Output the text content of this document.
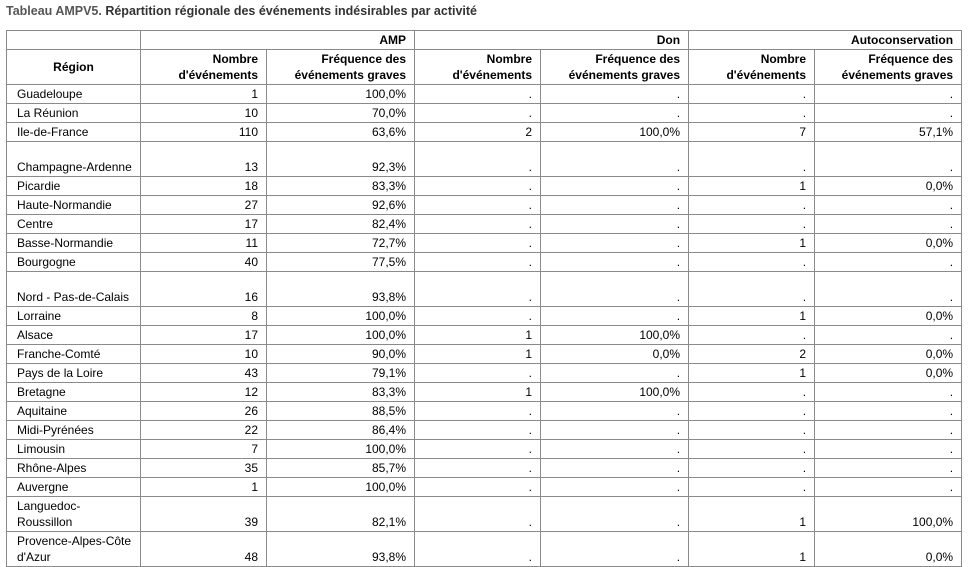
Tableau AMPV5. Répartition régionale des événements indésirables par activité
	AMP		Don		Autoconservation	
Région	Nombre d'événements	Fréquence des événements graves	Nombre d'événements	Fréquence des événements graves	Nombre d'événements	Fréquence des événements graves
Guadeloupe	1	100,0%	.	.	.	.
La Réunion	10	70,0%	.	.	.	.
Ile-de-France	110	63,6%	2	100,0%	7	57,1%
Champagne-Ardenne	13	92,3%	.	.	.	.
Picardie	18	83,3%	.	.	1	0,0%
Haute-Normandie	27	92,6%	.	.	.	.
Centre	17	82,4%	.	.	.	.
Basse-Normandie	11	72,7%	.	.	1	0,0%
Bourgogne	40	77,5%	.	.	.	.
Nord - Pas-de-Calais	16	93,8%	.	.	.	.
Lorraine	8	100,0%	.	.	1	0,0%
Alsace	17	100,0%	1	100,0%	.	.
Franche-Comté	10	90,0%	1	0,0%	2	0,0%
Pays de la Loire	43	79,1%	.	.	1	0,0%
Bretagne	12	83,3%	1	100,0%	.	.
Aquitaine	26	88,5%	.	.	.	.
Midi-Pyrénées	22	86,4%	.	.	.	.
Limousin	7	100,0%	.	.	.	.
Rhône-Alpes	35	85,7%	.	.	.	.
Auvergne	1	100,0%	.	.	.	.
Languedoc-Roussillon	39	82,1%	.	.	1	100,0%
Provence-Alpes-Côte d'Azur	48	93,8%	.	.	1	0,0%
